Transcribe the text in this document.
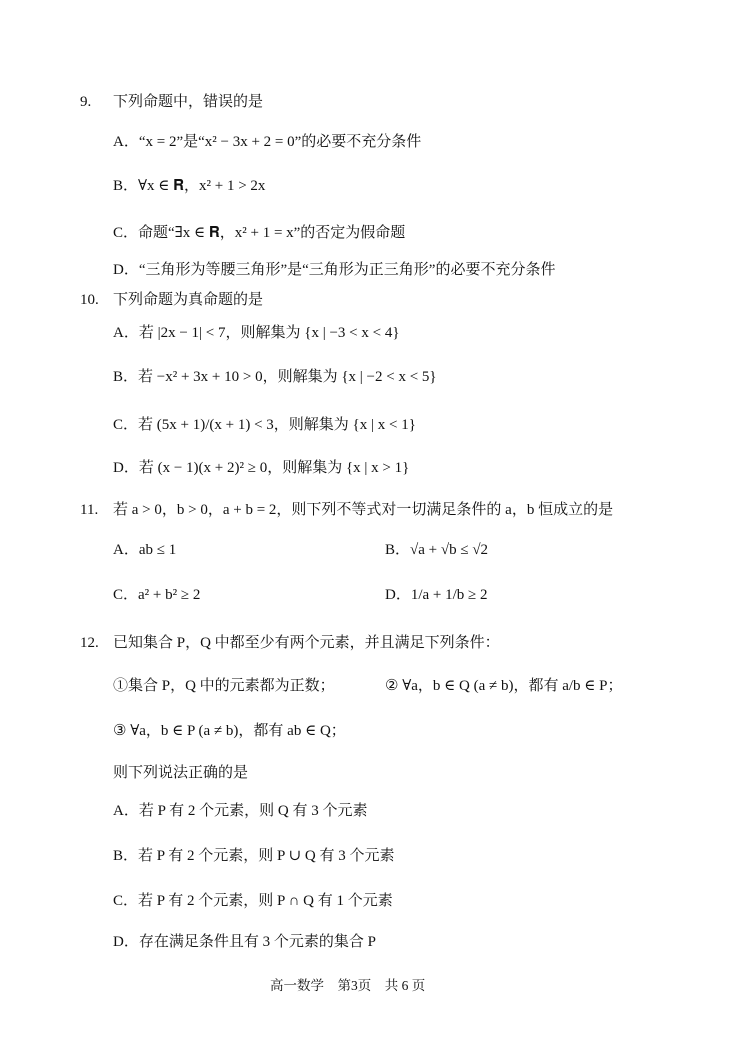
9. 下列命题中，错误的是
A．“x = 2”是“x² − 3x + 2 = 0”的必要不充分条件
B．∀x ∈ 𝐑，x² + 1 > 2x
C．命题“∃x ∈ 𝐑，x² + 1 = x”的否定为假命题
D．“三角形为等腰三角形”是“三角形为正三角形”的必要不充分条件
10. 下列命题为真命题的是
A．若 |2x − 1| < 7，则解集为 {x | −3 < x < 4}
B．若 −x² + 3x + 10 > 0，则解集为 {x | −2 < x < 5}
C．若 (5x + 1)/(x + 1) < 3，则解集为 {x | x < 1}
D．若 (x − 1)(x + 2)² ≥ 0，则解集为 {x | x > 1}
11. 若 a > 0，b > 0，a + b = 2，则下列不等式对一切满足条件的 a，b 恒成立的是
A．ab ≤ 1	B．√a + √b ≤ √2
C．a² + b² ≥ 2	D．1/a + 1/b ≥ 2
12. 已知集合 P，Q 中都至少有两个元素，并且满足下列条件：
①集合 P，Q 中的元素都为正数；	② ∀a，b ∈ Q (a ≠ b)，都有 a/b ∈ P；
③ ∀a，b ∈ P (a ≠ b)，都有 ab ∈ Q；
则下列说法正确的是
A．若 P 有 2 个元素，则 Q 有 3 个元素
B．若 P 有 2 个元素，则 P ∪ Q 有 3 个元素
C．若 P 有 2 个元素，则 P ∩ Q 有 1 个元素
D．存在满足条件且有 3 个元素的集合 P
高一数学　第3页　共 6 页
